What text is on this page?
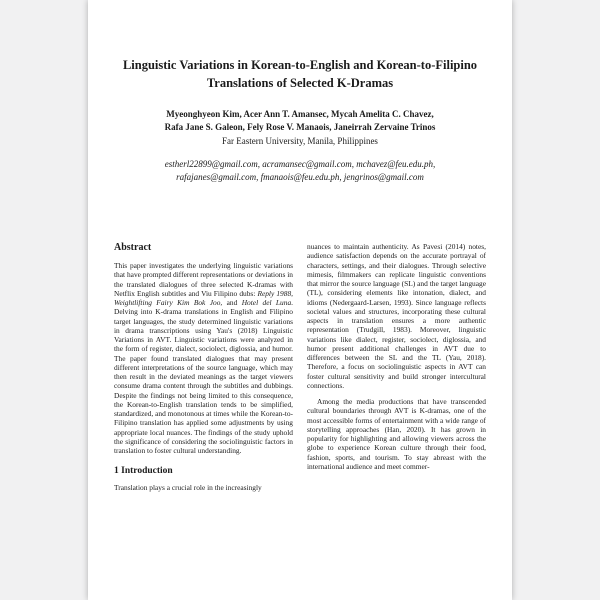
Linguistic Variations in Korean-to-English and Korean-to-Filipino Translations of Selected K-Dramas
Myeonghyeon Kim, Acer Ann T. Amansec, Mycah Amelita C. Chavez,
Rafa Jane S. Galeon, Fely Rose V. Manaois, Janeirrah Zervaine Trinos
Far Eastern University, Manila, Philippines
estherl22899@gmail.com, acramansec@gmail.com, mchavez@feu.edu.ph,
rafajanes@gmail.com, fmanaois@feu.edu.ph, jengrinos@gmail.com
Abstract

This paper investigates the underlying linguistic variations that have prompted different representations or deviations in the translated dialogues of three selected K-dramas with Netflix English subtitles and Viu Filipino dubs: Reply 1988, Weightlifting Fairy Kim Bok Joo, and Hotel del Luna. Delving into K-drama translations in English and Filipino target languages, the study determined linguistic variations in drama transcriptions using Yau's (2018) Linguistic Variations in AVT. Linguistic variations were analyzed in the form of register, dialect, sociolect, diglossia, and humor. The paper found translated dialogues that may present different interpretations of the source language, which may then result in the deviated meanings as the target viewers consume drama content through the subtitles and dubbings. Despite the findings not being limited to this consequence, the Korean-to-English translation tends to be simplified, standardized, and monotonous at times while the Korean-to-Filipino translation has applied some adjustments by using appropriate local nuances. The findings of the study uphold the significance of considering the sociolinguistic factors in translation to foster cultural understanding.

1 Introduction

Translation plays a crucial role in the increasingly

nuances to maintain authenticity. As Pavesi (2014) notes, audience satisfaction depends on the accurate portrayal of characters, settings, and their dialogues. Through selective mimesis, filmmakers can replicate linguistic conventions that mirror the source language (SL) and the target language (TL), considering elements like intonation, dialect, and idioms (Nedergaard-Larsen, 1993). Since language reflects societal values and structures, incorporating these cultural aspects in translation ensures a more authentic representation (Trudgill, 1983). Moreover, linguistic variations like dialect, register, sociolect, diglossia, and humor present additional challenges in AVT due to differences between the SL and the TL (Yau, 2018). Therefore, a focus on sociolinguistic aspects in AVT can foster cultural sensitivity and build stronger intercultural connections.

Among the media productions that have transcended cultural boundaries through AVT is K-dramas, one of the most accessible forms of entertainment with a wide range of storytelling approaches (Han, 2020). It has grown in popularity for highlighting and allowing viewers across the globe to experience Korean culture through their food, fashion, sports, and tourism. To stay abreast with the international audience and meet commer-
